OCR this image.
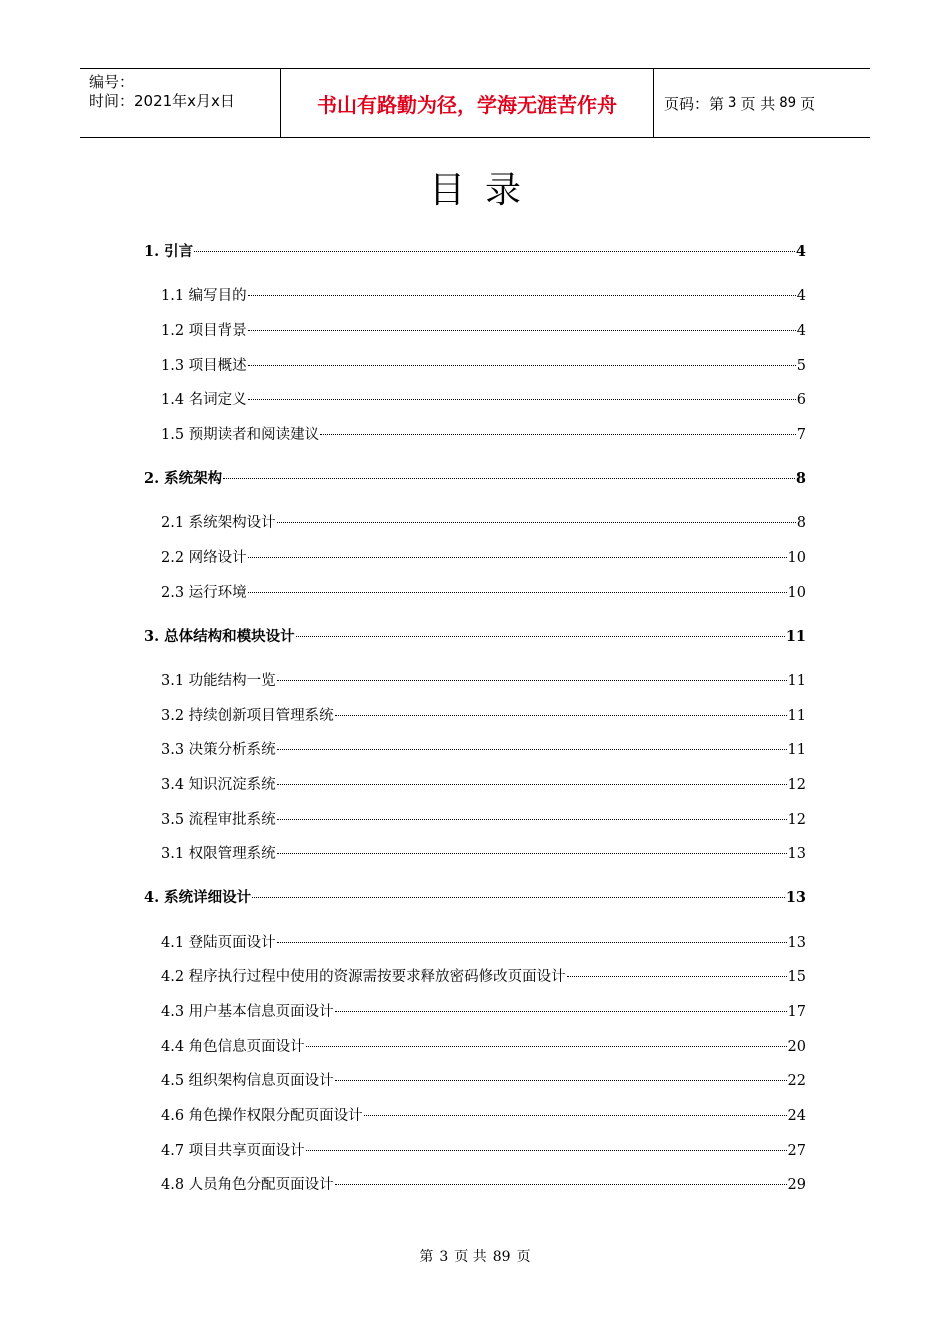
编号：
时间：2021年x月x日	书山有路勤为径，学海无涯苦作舟	页码：第 3 页 共 89 页
目录
1. 引言	4
1.1 编写目的	4
1.2 项目背景	4
1.3 项目概述	5
1.4 名词定义	6
1.5 预期读者和阅读建议	7
2. 系统架构	8
2.1 系统架构设计	8
2.2 网络设计	10
2.3 运行环境	10
3. 总体结构和模块设计	11
3.1 功能结构一览	11
3.2 持续创新项目管理系统	11
3.3 决策分析系统	11
3.4 知识沉淀系统	12
3.5 流程审批系统	12
3.1 权限管理系统	13
4. 系统详细设计	13
4.1 登陆页面设计	13
4.2 程序执行过程中使用的资源需按要求释放密码修改页面设计	15
4.3 用户基本信息页面设计	17
4.4 角色信息页面设计	20
4.5 组织架构信息页面设计	22
4.6 角色操作权限分配页面设计	24
4.7 项目共享页面设计	27
4.8 人员角色分配页面设计	29
第 3 页 共 89 页
